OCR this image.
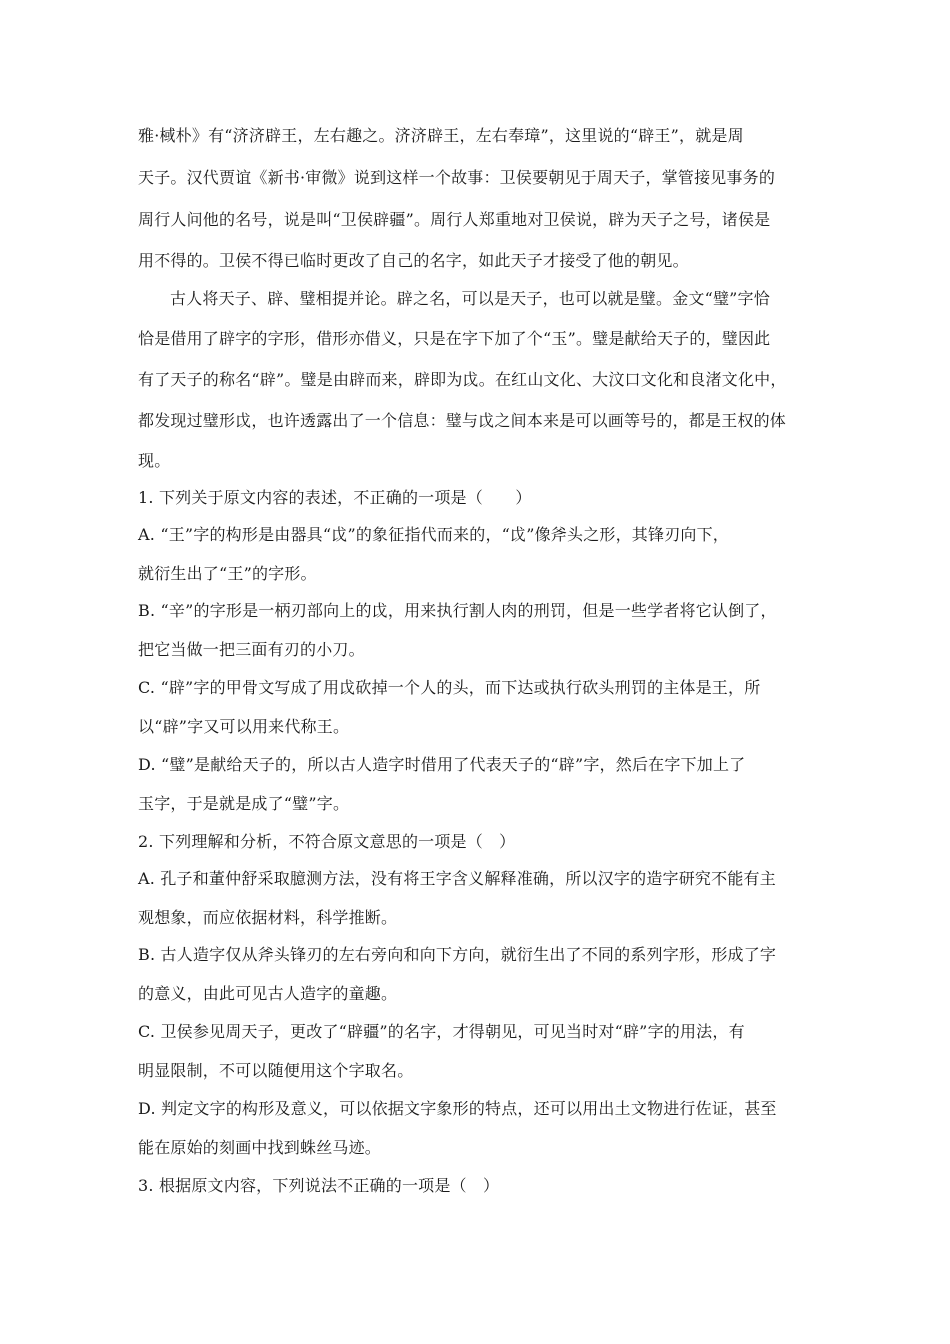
雅·棫朴》有“济济辟王，左右趣之。济济辟王，左右奉璋”，这里说的“辟王”，就是周
天子。汉代贾谊《新书·审微》说到这样一个故事：卫侯要朝见于周天子，掌管接见事务的
周行人问他的名号，说是叫“卫侯辟疆”。周行人郑重地对卫侯说，辟为天子之号，诸侯是
用不得的。卫侯不得已临时更改了自己的名字，如此天子才接受了他的朝见。
古人将天子、辟、璧相提并论。辟之名，可以是天子，也可以就是璧。金文“璧”字恰
恰是借用了辟字的字形，借形亦借义，只是在字下加了个“玉”。璧是献给天子的，璧因此
有了天子的称名“辟”。璧是由辟而来，辟即为戉。在红山文化、大汶口文化和良渚文化中，
都发现过璧形戉，也许透露出了一个信息：璧与戉之间本来是可以画等号的，都是王权的体
现。
1. 下列关于原文内容的表述，不正确的一项是（　　）
A. “王”字的构形是由器具“戉”的象征指代而来的，“戉”像斧头之形，其锋刃向下，
就衍生出了“王”的字形。
B. “辛”的字形是一柄刃部向上的戉，用来执行割人肉的刑罚，但是一些学者将它认倒了，
把它当做一把三面有刃的小刀。
C. “辟”字的甲骨文写成了用戉砍掉一个人的头，而下达或执行砍头刑罚的主体是王，所
以“辟”字又可以用来代称王。
D. “璧”是献给天子的，所以古人造字时借用了代表天子的“辟”字，然后在字下加上了
玉字，于是就是成了“璧”字。
2. 下列理解和分析，不符合原文意思的一项是（　）
A. 孔子和董仲舒采取臆测方法，没有将王字含义解释准确，所以汉字的造字研究不能有主
观想象，而应依据材料，科学推断。
B. 古人造字仅从斧头锋刃的左右旁向和向下方向，就衍生出了不同的系列字形，形成了字
的意义，由此可见古人造字的童趣。
C. 卫侯参见周天子，更改了“辟疆”的名字，才得朝见，可见当时对“辟”字的用法，有
明显限制，不可以随便用这个字取名。
D. 判定文字的构形及意义，可以依据文字象形的特点，还可以用出土文物进行佐证，甚至
能在原始的刻画中找到蛛丝马迹。
3. 根据原文内容，下列说法不正确的一项是（　）
